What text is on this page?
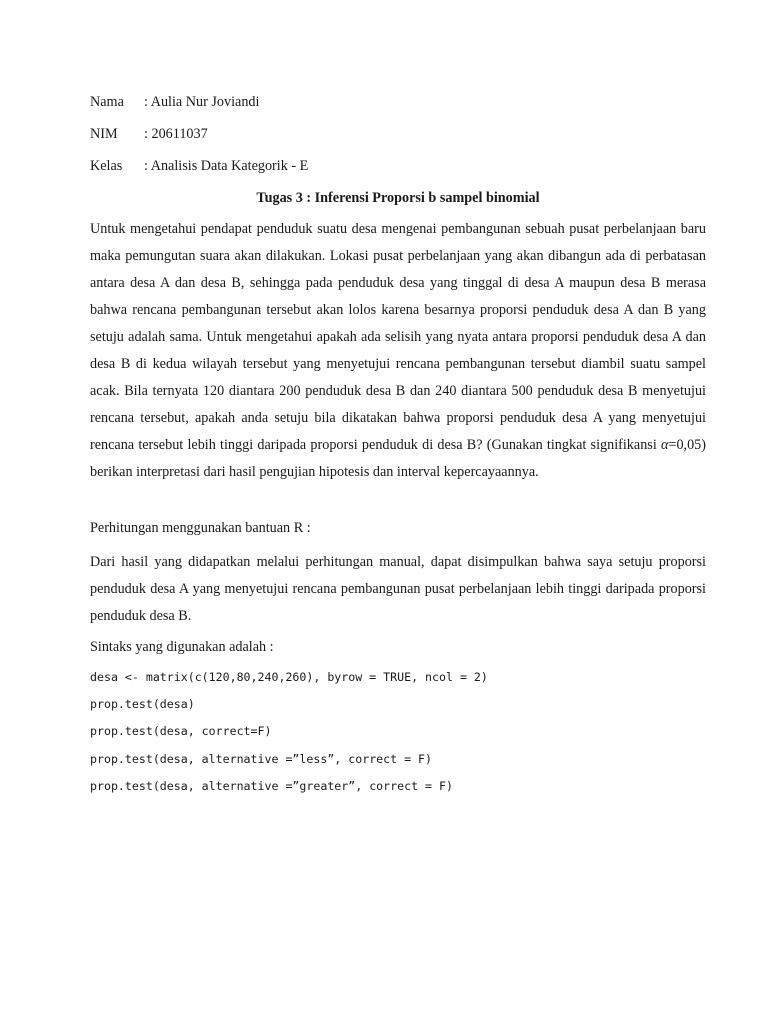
Nama : Aulia Nur Joviandi
NIM : 20611037
Kelas : Analisis Data Kategorik - E
Tugas 3 : Inferensi Proporsi b sampel binomial

Untuk mengetahui pendapat penduduk suatu desa mengenai pembangunan sebuah pusat perbelanjaan baru maka pemungutan suara akan dilakukan. Lokasi pusat perbelanjaan yang akan dibangun ada di perbatasan antara desa A dan desa B, sehingga pada penduduk desa yang tinggal di desa A maupun desa B merasa bahwa rencana pembangunan tersebut akan lolos karena besarnya proporsi penduduk desa A dan B yang setuju adalah sama. Untuk mengetahui apakah ada selisih yang nyata antara proporsi penduduk desa A dan desa B di kedua wilayah tersebut yang menyetujui rencana pembangunan tersebut diambil suatu sampel acak. Bila ternyata 120 diantara 200 penduduk desa B dan 240 diantara 500 penduduk desa B menyetujui rencana tersebut, apakah anda setuju bila dikatakan bahwa proporsi penduduk desa A yang menyetujui rencana tersebut lebih tinggi daripada proporsi penduduk di desa B? (Gunakan tingkat signifikansi α=0,05) berikan interpretasi dari hasil pengujian hipotesis dan interval kepercayaannya.

Perhitungan menggunakan bantuan R :

Dari hasil yang didapatkan melalui perhitungan manual, dapat disimpulkan bahwa saya setuju proporsi penduduk desa A yang menyetujui rencana pembangunan pusat perbelanjaan lebih tinggi daripada proporsi penduduk desa B.

Sintaks yang digunakan adalah :

desa <- matrix(c(120,80,240,260), byrow = TRUE, ncol = 2)
prop.test(desa)
prop.test(desa, correct=F)
prop.test(desa, alternative =”less”, correct = F)
prop.test(desa, alternative =”greater”, correct = F)
